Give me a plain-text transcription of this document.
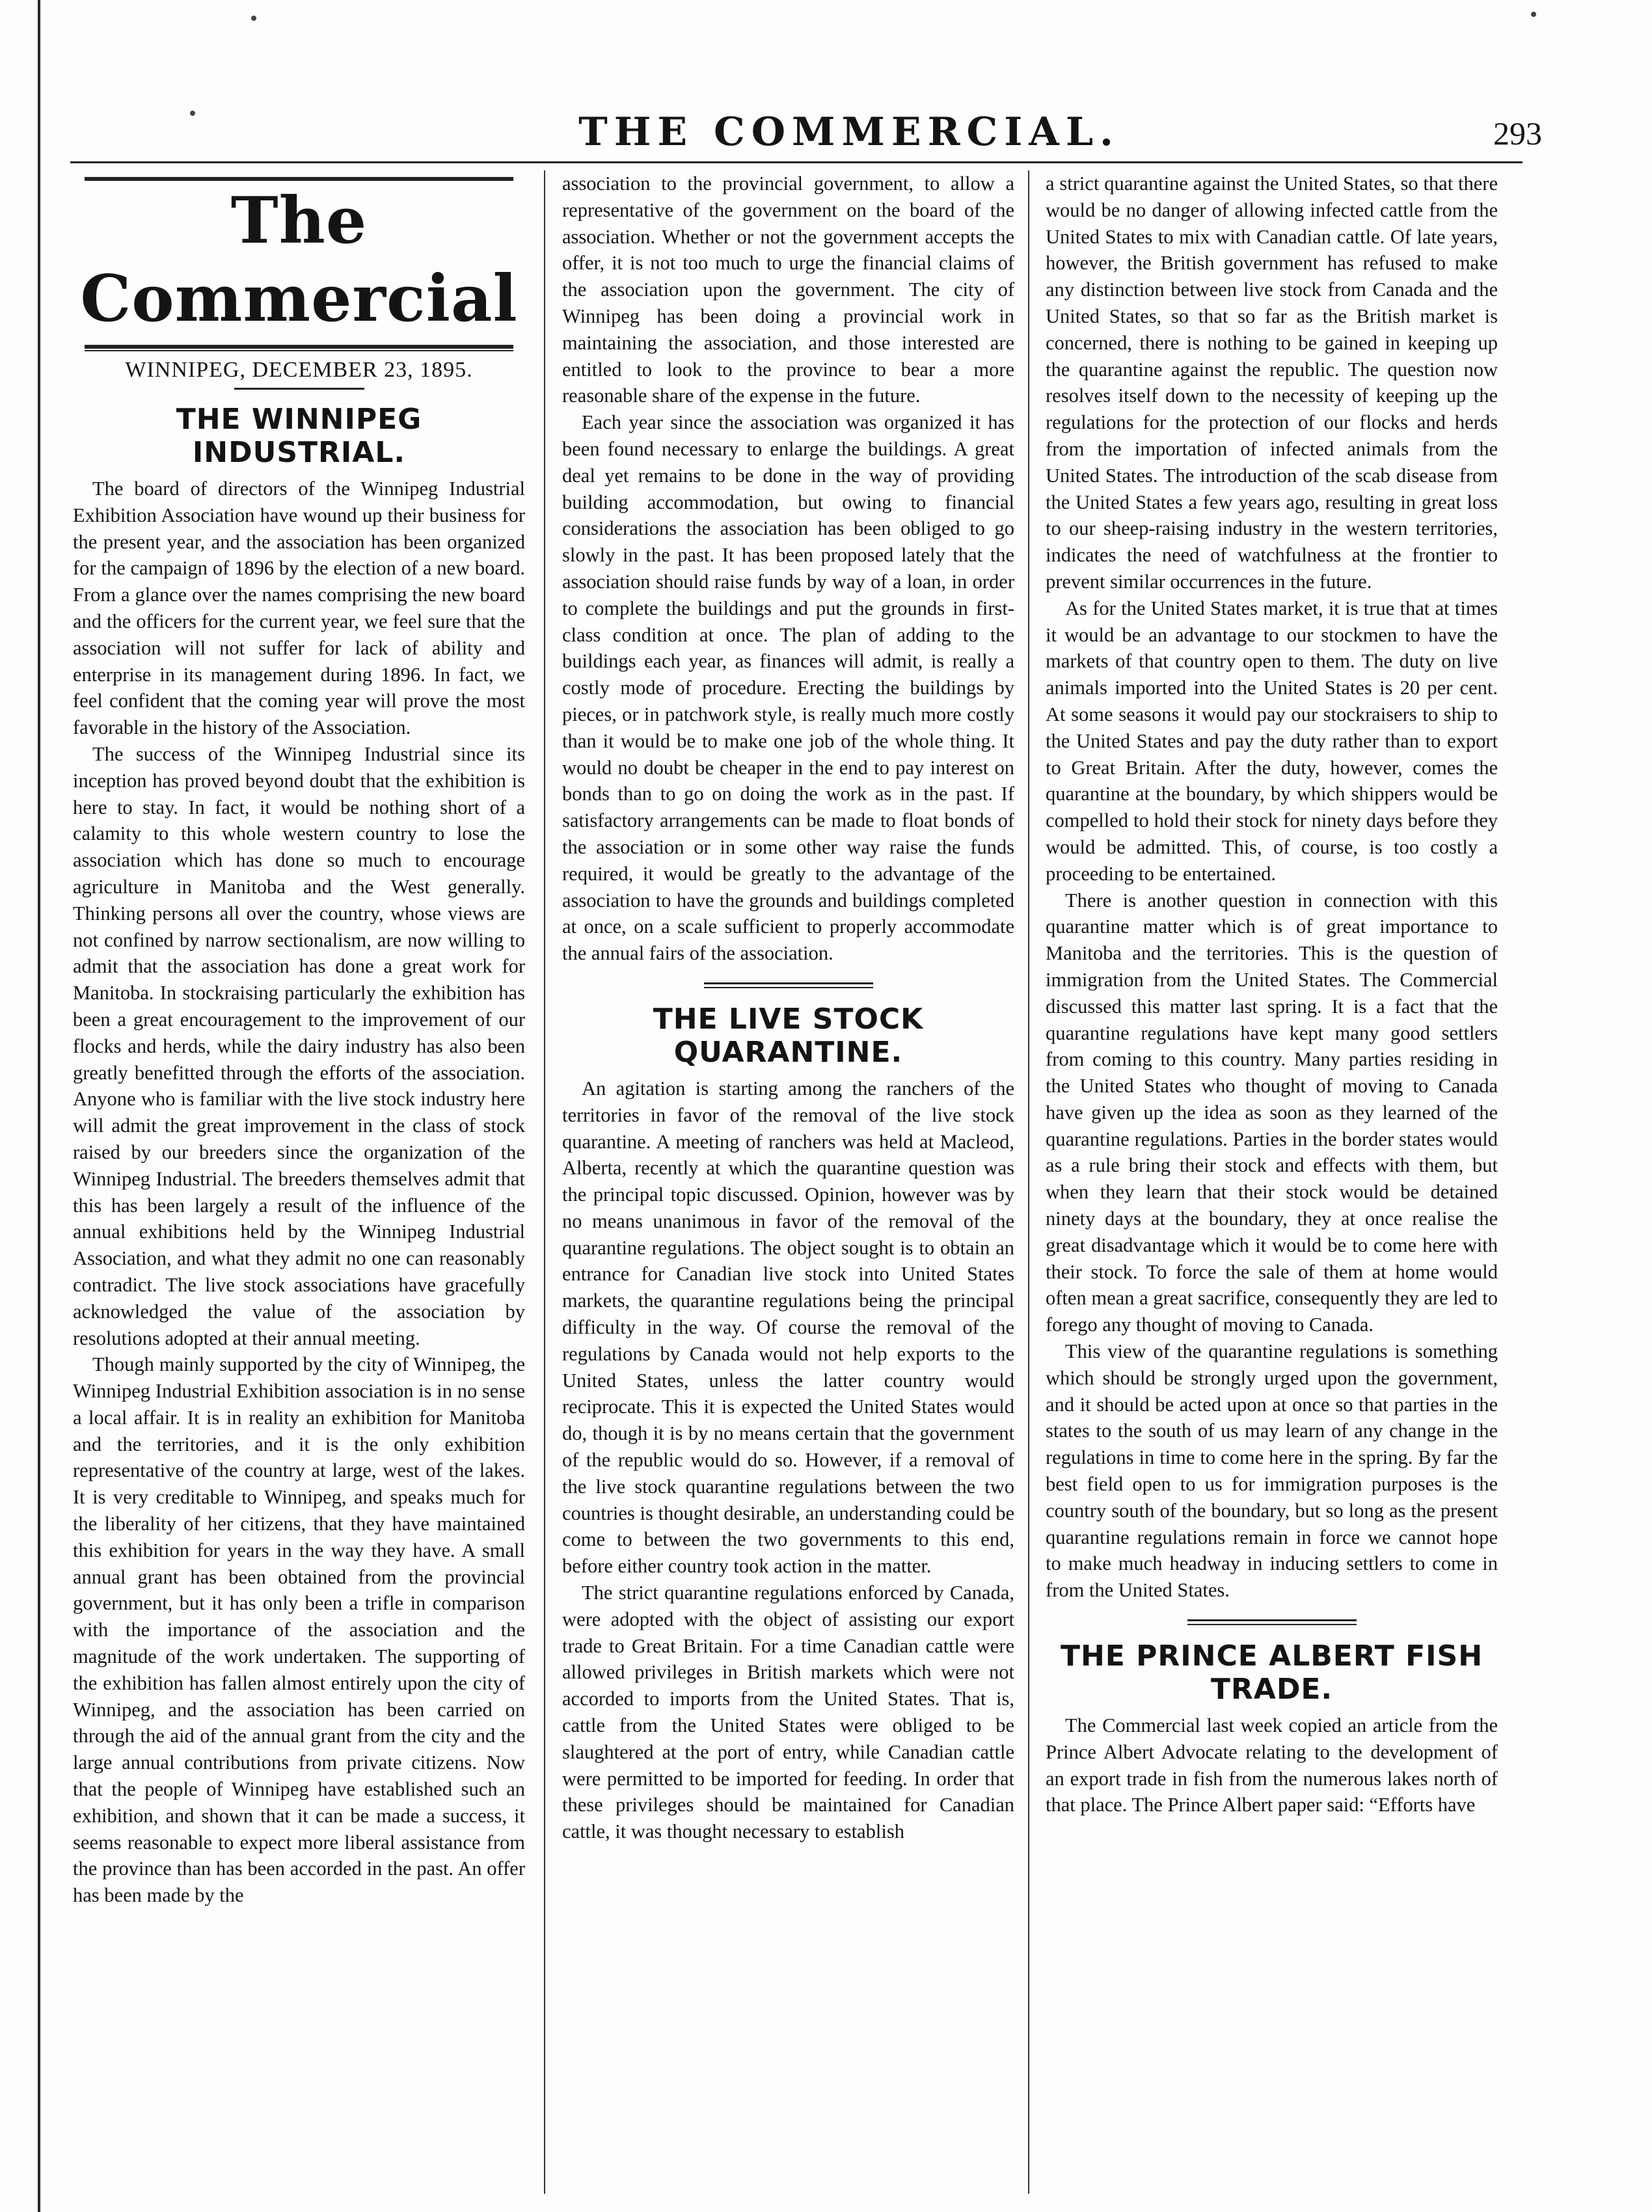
THE COMMERCIAL.	293
The Commercial
WINNIPEG, DECEMBER 23, 1895.
THE WINNIPEG INDUSTRIAL.

The board of directors of the Winnipeg Industrial Exhibition Association have wound up their business for the present year, and the association has been organized for the campaign of 1896 by the election of a new board. From a glance over the names comprising the new board and the officers for the current year, we feel sure that the association will not suffer for lack of ability and enterprise in its management during 1896. In fact, we feel confident that the coming year will prove the most favorable in the history of the Association.

The success of the Winnipeg Industrial since its inception has proved beyond doubt that the exhibition is here to stay. In fact, it would be nothing short of a calamity to this whole western country to lose the association which has done so much to encourage agriculture in Manitoba and the West generally. Thinking persons all over the country, whose views are not confined by narrow sectionalism, are now willing to admit that the association has done a great work for Manitoba. In stockraising particularly the exhibition has been a great encouragement to the improvement of our flocks and herds, while the dairy industry has also been greatly benefitted through the efforts of the association. Anyone who is familiar with the live stock industry here will admit the great improvement in the class of stock raised by our breeders since the organization of the Winnipeg Industrial. The breeders themselves admit that this has been largely a result of the influence of the annual exhibitions held by the Winnipeg Industrial Association, and what they admit no one can reasonably contradict. The live stock associations have gracefully acknowledged the value of the association by resolutions adopted at their annual meeting.

Though mainly supported by the city of Winnipeg, the Winnipeg Industrial Exhibition association is in no sense a local affair. It is in reality an exhibition for Manitoba and the territories, and it is the only exhibition representative of the country at large, west of the lakes. It is very creditable to Winnipeg, and speaks much for the liberality of her citizens, that they have maintained this exhibition for years in the way they have. A small annual grant has been obtained from the provincial government, but it has only been a trifle in comparison with the importance of the association and the magnitude of the work undertaken. The supporting of the exhibition has fallen almost entirely upon the city of Winnipeg, and the association has been carried on through the aid of the annual grant from the city and the large annual contributions from private citizens. Now that the people of Winnipeg have established such an exhibition, and shown that it can be made a success, it seems reasonable to expect more liberal assistance from the province than has been accorded in the past. An offer has been made by the

association to the provincial government, to allow a representative of the government on the board of the association. Whether or not the government accepts the offer, it is not too much to urge the financial claims of the association upon the government. The city of Winnipeg has been doing a provincial work in maintaining the association, and those interested are entitled to look to the province to bear a more reasonable share of the expense in the future.

Each year since the association was organized it has been found necessary to enlarge the buildings. A great deal yet remains to be done in the way of providing building accommodation, but owing to financial considerations the association has been obliged to go slowly in the past. It has been proposed lately that the association should raise funds by way of a loan, in order to complete the buildings and put the grounds in first-class condition at once. The plan of adding to the buildings each year, as finances will admit, is really a costly mode of procedure. Erecting the buildings by pieces, or in patchwork style, is really much more costly than it would be to make one job of the whole thing. It would no doubt be cheaper in the end to pay interest on bonds than to go on doing the work as in the past. If satisfactory arrangements can be made to float bonds of the association or in some other way raise the funds required, it would be greatly to the advantage of the association to have the grounds and buildings completed at once, on a scale sufficient to properly accommodate the annual fairs of the association.

THE LIVE STOCK QUARANTINE.

An agitation is starting among the ranchers of the territories in favor of the removal of the live stock quarantine. A meeting of ranchers was held at Macleod, Alberta, recently at which the quarantine question was the principal topic discussed. Opinion, however was by no means unanimous in favor of the removal of the quarantine regulations. The object sought is to obtain an entrance for Canadian live stock into United States markets, the quarantine regulations being the principal difficulty in the way. Of course the removal of the regulations by Canada would not help exports to the United States, unless the latter country would reciprocate. This it is expected the United States would do, though it is by no means certain that the government of the republic would do so. However, if a removal of the live stock quarantine regulations between the two countries is thought desirable, an understanding could be come to between the two governments to this end, before either country took action in the matter.

The strict quarantine regulations enforced by Canada, were adopted with the object of assisting our export trade to Great Britain. For a time Canadian cattle were allowed privileges in British markets which were not accorded to imports from the United States. That is, cattle from the United States were obliged to be slaughtered at the port of entry, while Canadian cattle were permitted to be imported for feeding. In order that these privileges should be maintained for Canadian cattle, it was thought necessary to establish

a strict quarantine against the United States, so that there would be no danger of allowing infected cattle from the United States to mix with Canadian cattle. Of late years, however, the British government has refused to make any distinction between live stock from Canada and the United States, so that so far as the British market is concerned, there is nothing to be gained in keeping up the quarantine against the republic. The question now resolves itself down to the necessity of keeping up the regulations for the protection of our flocks and herds from the importation of infected animals from the United States. The introduction of the scab disease from the United States a few years ago, resulting in great loss to our sheep-raising industry in the western territories, indicates the need of watchfulness at the frontier to prevent similar occurrences in the future.

As for the United States market, it is true that at times it would be an advantage to our stockmen to have the markets of that country open to them. The duty on live animals imported into the United States is 20 per cent. At some seasons it would pay our stockraisers to ship to the United States and pay the duty rather than to export to Great Britain. After the duty, however, comes the quarantine at the boundary, by which shippers would be compelled to hold their stock for ninety days before they would be admitted. This, of course, is too costly a proceeding to be entertained.

There is another question in connection with this quarantine matter which is of great importance to Manitoba and the territories. This is the question of immigration from the United States. The Commercial discussed this matter last spring. It is a fact that the quarantine regulations have kept many good settlers from coming to this country. Many parties residing in the United States who thought of moving to Canada have given up the idea as soon as they learned of the quarantine regulations. Parties in the border states would as a rule bring their stock and effects with them, but when they learn that their stock would be detained ninety days at the boundary, they at once realise the great disadvantage which it would be to come here with their stock. To force the sale of them at home would often mean a great sacrifice, consequently they are led to forego any thought of moving to Canada.

This view of the quarantine regulations is something which should be strongly urged upon the government, and it should be acted upon at once so that parties in the states to the south of us may learn of any change in the regulations in time to come here in the spring. By far the best field open to us for immigration purposes is the country south of the boundary, but so long as the present quarantine regulations remain in force we cannot hope to make much headway in inducing settlers to come in from the United States.

THE PRINCE ALBERT FISH TRADE.

The Commercial last week copied an article from the Prince Albert Advocate relating to the development of an export trade in fish from the numerous lakes north of that place. The Prince Albert paper said: “Efforts have
